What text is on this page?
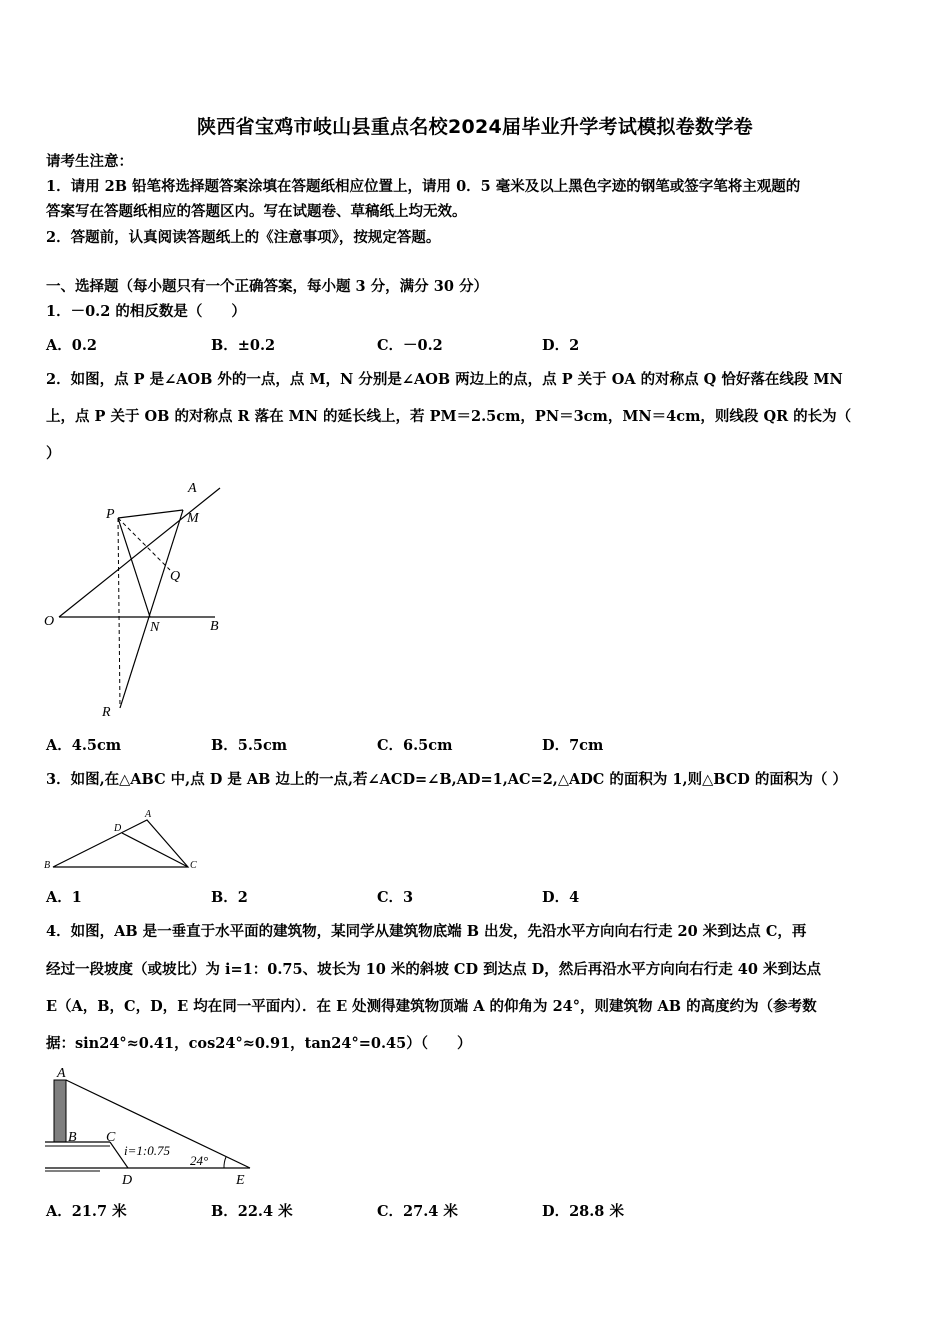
陕西省宝鸡市岐山县重点名校2024届毕业升学考试模拟卷数学卷
请考生注意：
1．请用 2B 铅笔将选择题答案涂填在答题纸相应位置上，请用 0．5 毫米及以上黑色字迹的钢笔或签字笔将主观题的
答案写在答题纸相应的答题区内。写在试题卷、草稿纸上均无效。
2．答题前，认真阅读答题纸上的《注意事项》，按规定答题。
一、选择题（每小题只有一个正确答案，每小题 3 分，满分 30 分）
1．－0.2 的相反数是（　　）
A．0.2	B．±0.2	C．－0.2	D．2
2．如图，点 P 是∠AOB 外的一点，点 M，N 分别是∠AOB 两边上的点，点 P 关于 OA 的对称点 Q 恰好落在线段 MN
上，点 P 关于 OB 的对称点 R 落在 MN 的延长线上，若 PM＝2.5cm，PN＝3cm，MN＝4cm，则线段 QR 的长为（
）
A
P	M
Q
O	N	B
R
A．4.5cm	B．5.5cm	C．6.5cm	D．7cm
3．如图,在△ABC 中,点 D 是 AB 边上的一点,若∠ACD=∠B,AD=1,AC=2,△ADC 的面积为 1,则△BCD 的面积为（ ）
A
D
B	C
A．1	B．2	C．3	D．4
4．如图，AB 是一垂直于水平面的建筑物，某同学从建筑物底端 B 出发，先沿水平方向向右行走 20 米到达点 C，再
经过一段坡度（或坡比）为 i=1：0.75、坡长为 10 米的斜坡 CD 到达点 D，然后再沿水平方向向右行走 40 米到达点
E（A，B，C，D，E 均在同一平面内）．在 E 处测得建筑物顶端 A 的仰角为 24°，则建筑物 AB 的高度约为（参考数
据：sin24°≈0.41，cos24°≈0.91，tan24°=0.45）（　　）
A
B C
D	E
i=1:0.75
24°
A．21.7 米	B．22.4 米	C．27.4 米	D．28.8 米
